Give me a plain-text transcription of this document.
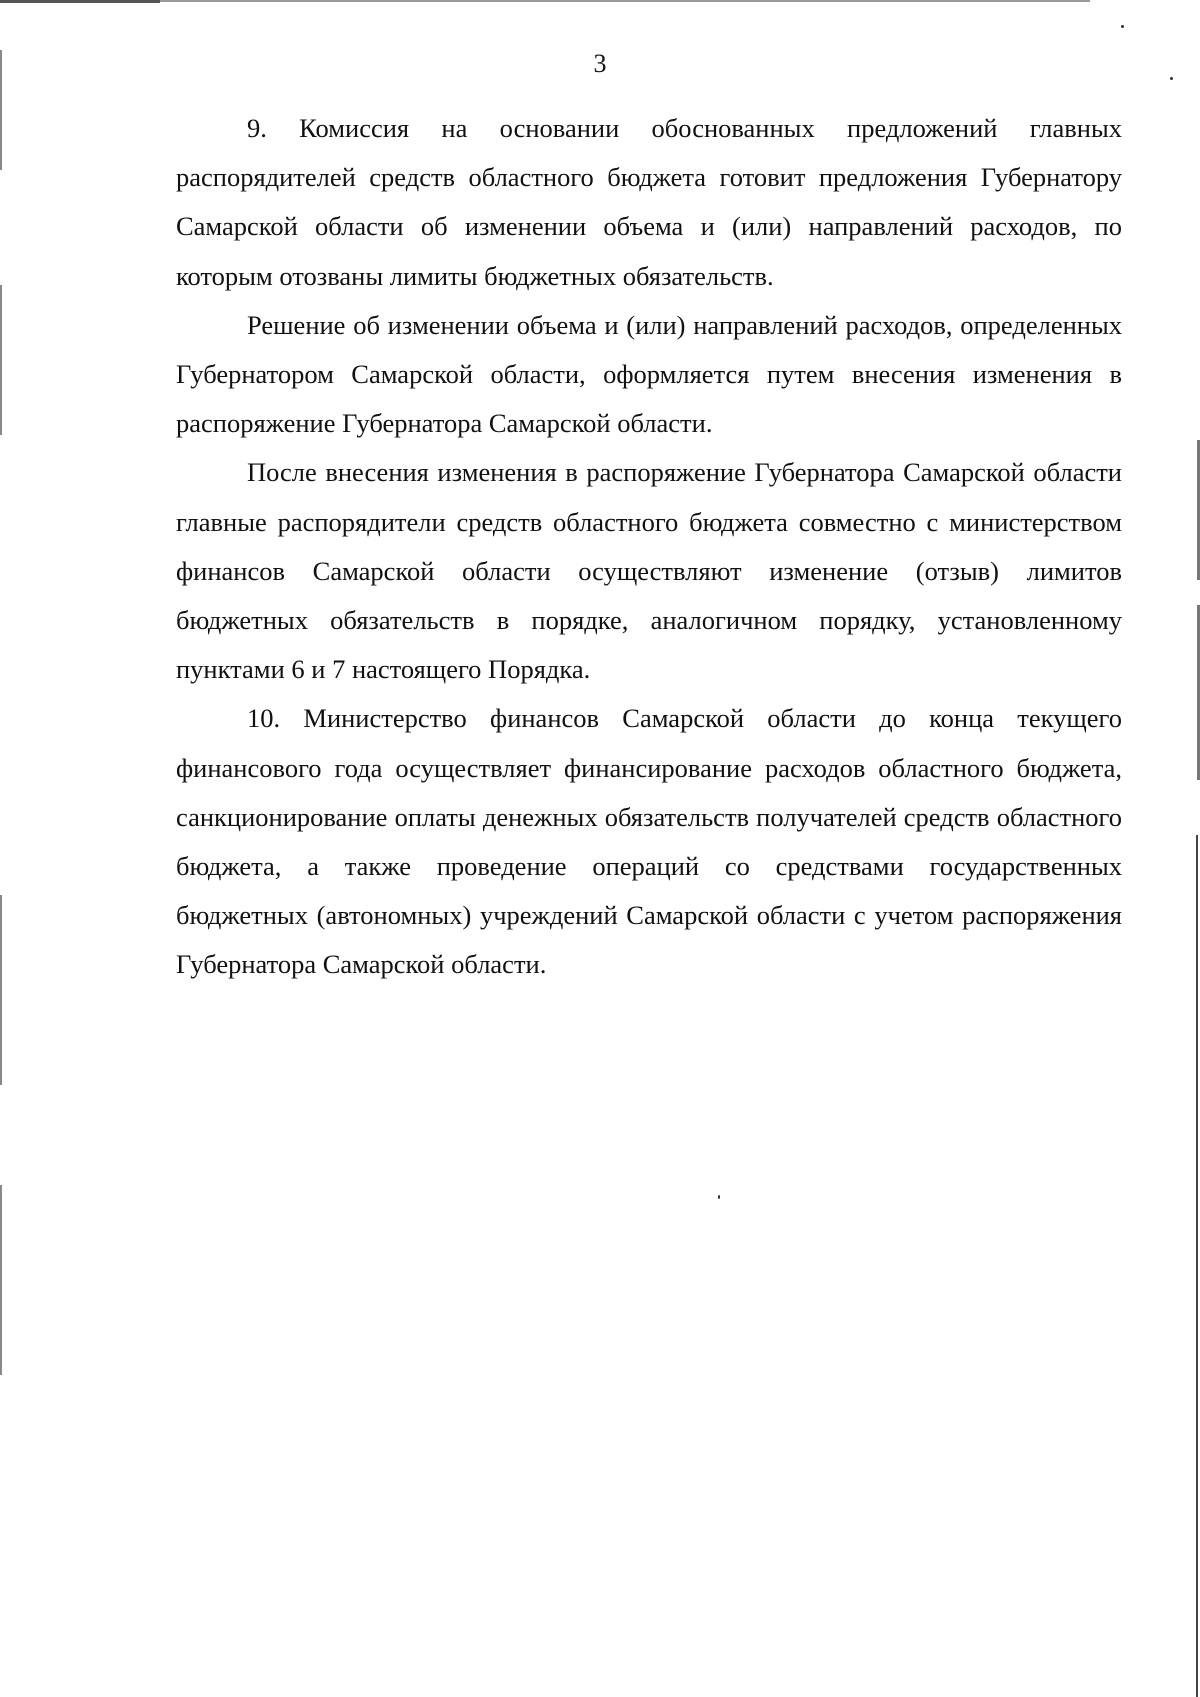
3

9. Комиссия на основании обоснованных предложений главных распорядителей средств областного бюджета готовит предложения Губернатору Самарской области об изменении объема и (или) направлений расходов, по которым отозваны лимиты бюджетных обязательств.

Решение об изменении объема и (или) направлений расходов, определенных Губернатором Самарской области, оформляется путем внесения изменения в распоряжение Губернатора Самарской области.

После внесения изменения в распоряжение Губернатора Самарской области главные распорядители средств областного бюджета совместно с министерством финансов Самарской области осуществляют изменение (отзыв) лимитов бюджетных обязательств в порядке, аналогичном порядку, установленному пунктами 6 и 7 настоящего Порядка.

10. Министерство финансов Самарской области до конца текущего финансового года осуществляет финансирование расходов областного бюджета, санкционирование оплаты денежных обязательств получателей средств областного бюджета, а также проведение операций со средствами государственных бюджетных (автономных) учреждений Самарской области с учетом распоряжения Губернатора Самарской области.
